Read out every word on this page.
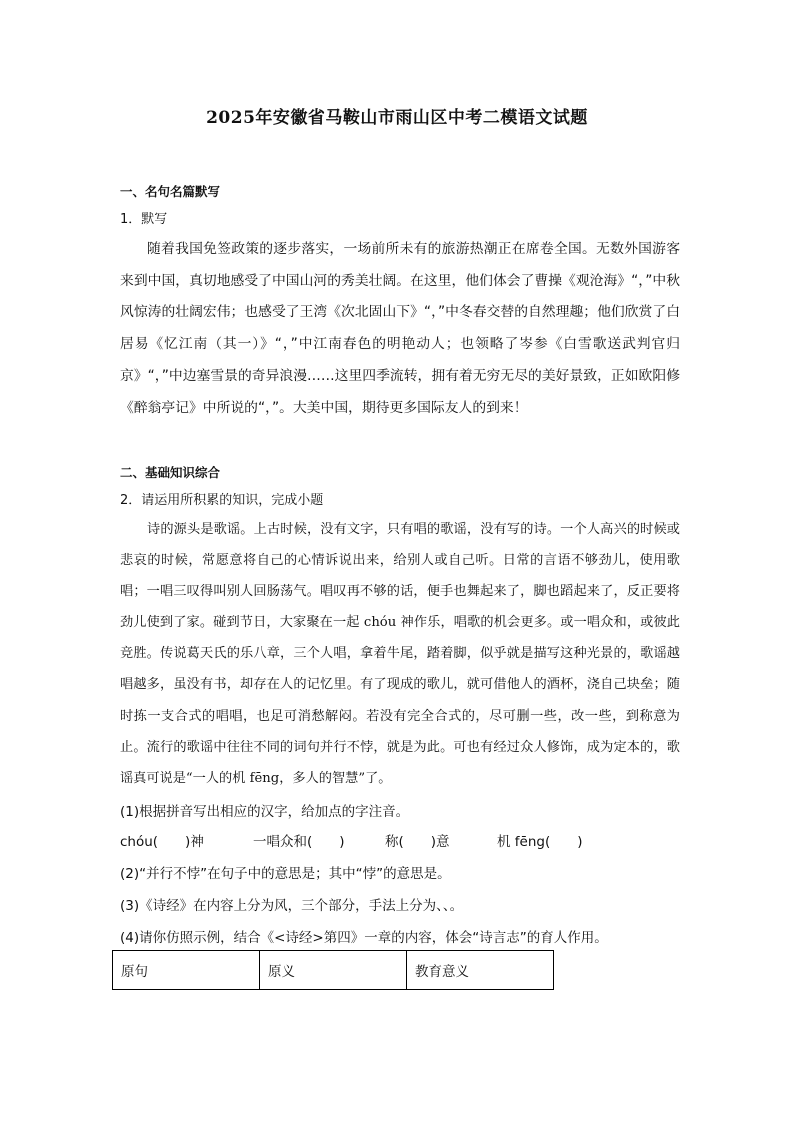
2025年安徽省马鞍山市雨山区中考二模语文试题
一、名句名篇默写
1．默写
随着我国免签政策的逐步落实，一场前所未有的旅游热潮正在席卷全国。无数外国游客来到中国，真切地感受了中国山河的秀美壮阔。在这里，他们体会了曹操《观沧海》“，”中秋风惊涛的壮阔宏伟；也感受了王湾《次北固山下》“，”中冬春交替的自然理趣；他们欣赏了白居易《忆江南（其一）》“，”中江南春色的明艳动人；也领略了岑参《白雪歌送武判官归京》“，”中边塞雪景的奇异浪漫……这里四季流转，拥有着无穷无尽的美好景致，正如欧阳修《醉翁亭记》中所说的“，”。大美中国，期待更多国际友人的到来！
二、基础知识综合
2．请运用所积累的知识，完成小题
诗的源头是歌谣。上古时候，没有文字，只有唱的歌谣，没有写的诗。一个人高兴的时候或悲哀的时候，常愿意将自己的心情诉说出来，给别人或自己听。日常的言语不够劲儿，使用歌唱；一唱三叹得叫别人回肠荡气。唱叹再不够的话，便手也舞起来了，脚也蹈起来了，反正要将劲儿使到了家。碰到节日，大家聚在一起 chóu 神作乐，唱歌的机会更多。或一唱众和，或彼此竞胜。传说葛天氏的乐八章，三个人唱，拿着牛尾，踏着脚，似乎就是描写这种光景的，歌谣越唱越多，虽没有书，却存在人的记忆里。有了现成的歌儿，就可借他人的酒杯，浇自己块垒；随时拣一支合式的唱唱，也足可消愁解闷。若没有完全合式的，尽可删一些，改一些，到称意为止。流行的歌谣中往往不同的词句并行不悖，就是为此。可也有经过众人修饰，成为定本的，歌谣真可说是“一人的机 fēng，多人的智慧”了。
(1)根据拼音写出相应的汉字，给加点的字注音。
chóu(　　)神	一唱众和(　　)	称(　　)意	机 fēng(　　)
(2)“并行不悖”在句子中的意思是；其中“悖”的意思是。
(3)《诗经》在内容上分为风，三个部分，手法上分为、、。
(4)请你仿照示例，结合《<诗经>第四》一章的内容，体会“诗言志”的育人作用。
原句	原义	教育意义
